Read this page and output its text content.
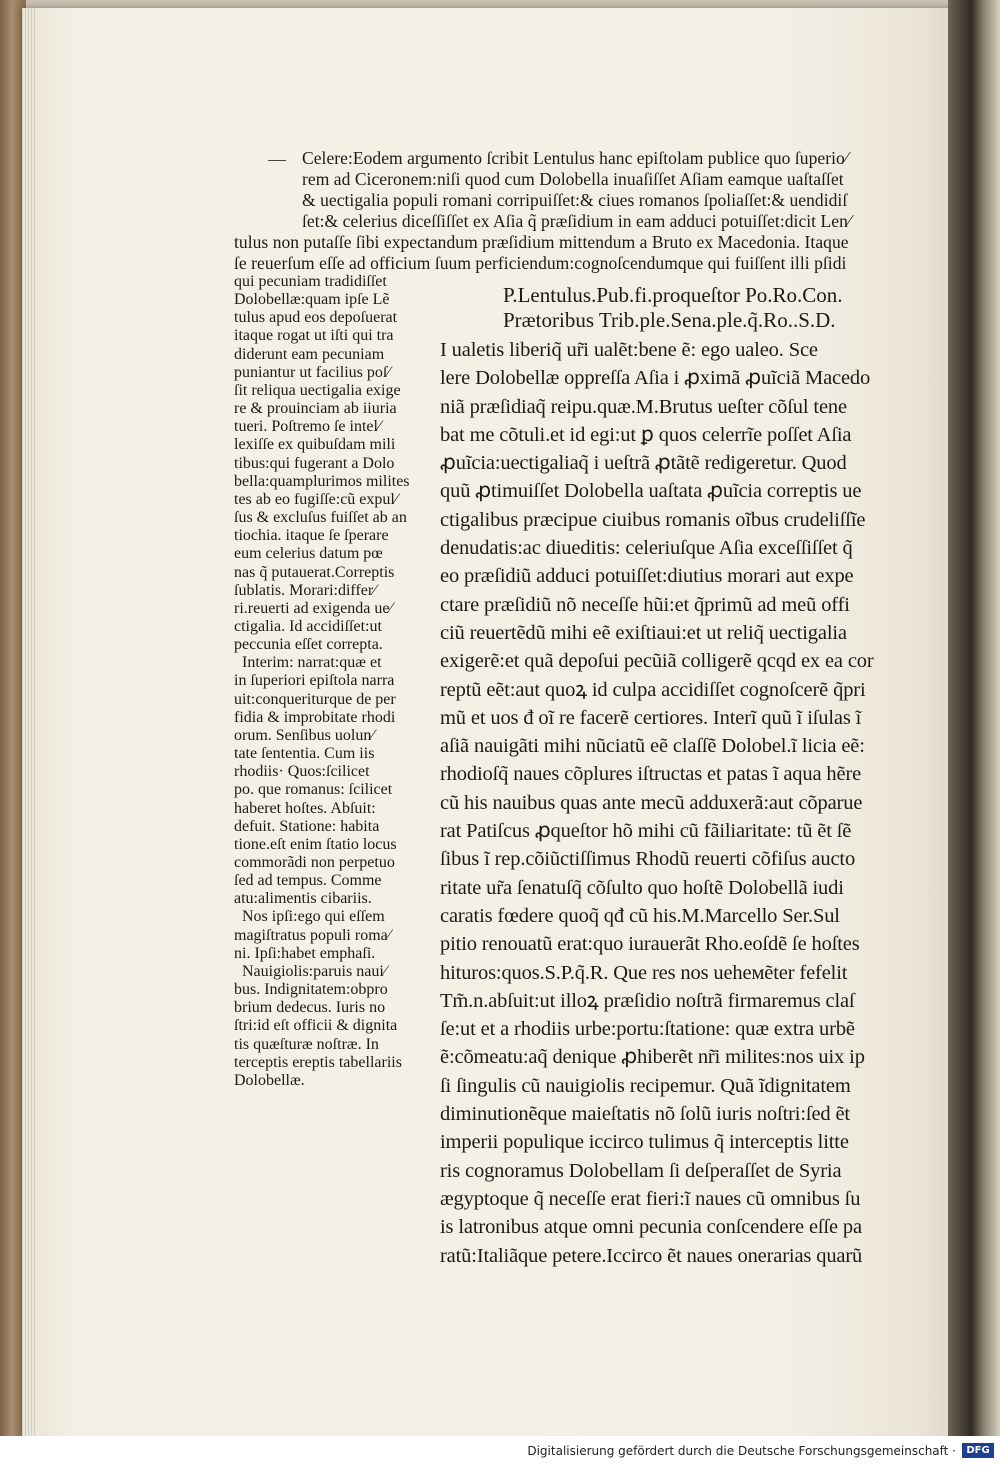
Celere:Eodem argumento ſcribit Lentulus hanc epiſtolam publice quo ſuperio⁄
rem ad Ciceronem:niſi quod cum Dolobella inuaſiſſet Aſiam eamque uaſtaſſet
& uectigalia populi romani corripuiſſet:& ciues romanos ſpoliaſſet:& uendidiſ
ſet:& celerius diceſſiſſet ex Aſia q̃ præſidium in eam adduci potuiſſet:dicit Len⁄
tulus non putaſſe ſibi expectandum præſidium mittendum a Bruto ex Macedonia. Itaque
ſe reuerſum eſſe ad officium ſuum perficiendum:cognoſcendumque qui fuiſſent illi pſidi
qui pecuniam tradidiſſet
Dolobellæ:quam ipſe Lẽ
tulus apud eos depoſuerat
itaque rogat ut iſti qui tra
diderunt eam pecuniam
puniantur ut facilius poſ⁄
ſit reliqua uectigalia exige
re & prouinciam ab iiuria
tueri. Poſtremo ſe intel⁄
lexiſſe ex quibuſdam mili
tibus:qui fugerant a Dolo
bella:quamplurimos milites
tes ab eo fugiſſe:cũ expul⁄
ſus & excluſus fuiſſet ab an
tiochia. itaque ſe ſperare
eum celerius datum pœ
nas q̃ putauerat.Correptis
ſublatis. Morari:differ⁄
ri.reuerti ad exigenda ue⁄
ctigalia. Id accidiſſet:ut
peccunia eſſet correpta.
Interim: narrat:quæ et
in ſuperiori epiſtola narra
uit:conqueriturque de per
fidia & improbitate rhodi
orum. Senſibus uolun⁄
tate ſententia. Cum iis
rhodiis· Quos:ſcilicet
po. que romanus: ſcilicet
haberet hoſtes. Abſuit:
defuit. Statione: habita
tione.eſt enim ſtatio locus
commorãdi non perpetuo
ſed ad tempus. Comme
atu:alimentis cibariis.
Nos ipſi:ego qui eſſem
magiſtratus populi roma⁄
ni. Ipſi:habet emphaſi.
Nauigiolis:paruis naui⁄
bus. Indignitatem:obpro
brium dedecus. Iuris no
ſtri:id eſt officii & dignita
tis quæſturæ noſtræ. In
terceptis ereptis tabellariis
Dolobellæ.
P.Lentulus.Pub.fi.proqueſtor Po.Ro.Con.
Prætoribus Trib.ple.Sena.ple.q̃.Ro..S.D.
I ualetis liberiq̃ ur̃i ualẽt:bene ẽ: ego ualeo. Sce
lere Dolobellæ oppreſſa Aſia i ꝓximã ꝓuĩciã Macedo
niã præſidiaq̃ reipu.quæ.M.Brutus ueſter cõſul tene
bat me cõtuli.et id egi:ut ꝑ quos celerrĩe poſſet Aſia
ꝓuĩcia:uectigaliaq̃ i ueſtrã ꝓtãtẽ redigeretur. Quod
quũ ꝓtimuiſſet Dolobella uaſtata ꝓuĩcia correptis ue
ctigalibus præcipue ciuibus romanis oĩbus crudeliſſĩe
denudatis:ac diueditis: celeriuſque Aſia exceſſiſſet q̃
eo præſidiũ adduci potuiſſet:diutius morari aut expe
ctare præſidiũ nõ neceſſe hũi:et q̃primũ ad meũ offi
ciũ reuertẽdũ mihi eẽ exiſtiaui:et ut reliq̃ uectigalia
exigerẽ:et quã depoſui pecũiã colligerẽ qcqd ex ea cor
reptũ eẽt:aut quoꝝ id culpa accidiſſet cognoſcerẽ q̃pri
mũ et uos đ oĩ re facerẽ certiores. Interĩ quũ ĩ iſulas ĩ
aſiã nauigãti mihi nũciatũ eẽ claſſẽ Dolobel.ĩ licia eẽ:
rhodioſq̃ naues cõplures iſtructas et patas ĩ aqua hẽre
cũ his nauibus quas ante mecũ adduxerã:aut cõparue
rat Patiſcus ꝓqueſtor hõ mihi cũ fãiliaritate: tũ ẽt ſẽ
ſibus ĩ rep.cõiũctiſſimus Rhodũ reuerti cõfiſus aucto
ritate ur̃a ſenatuſq̃ cõſulto quo hoſtẽ Dolobellã iudi
caratis fœdere quoq̃ qđ cũ his.M.Marcello Ser.Sul
pitio renouatũ erat:quo iurauerãt Rho.eoſdẽ ſe hoſtes
hituros:quos.S.P.q̃.R. Que res nos ueheмẽter fefelit
Tm̃.n.abſuit:ut illoꝝ præſidio noſtrã firmaremus claſ
ſe:ut et a rhodiis urbe:portu:ſtatione: quæ extra urbẽ
ẽ:cõmeatu:aq̃ denique ꝓhiberẽt nr̃i milites:nos uix ip
ſi ſingulis cũ nauigiolis recipemur. Quã ĩdignitatem
diminutionẽque maieſtatis nõ ſolũ iuris noſtri:ſed ẽt
imperii populique iccirco tulimus q̃ interceptis litte
ris cognoramus Dolobellam ſi deſperaſſet de Syria
ægyptoque q̃ neceſſe erat fieri:ĩ naues cũ omnibus ſu
is latronibus atque omni pecunia conſcendere eſſe pa
ratũ:Italiãque petere.Iccirco ẽt naues onerarias quarũ

Digitalisierung gefördert durch die Deutsche Forschungsgemeinschaft ·	DFG
